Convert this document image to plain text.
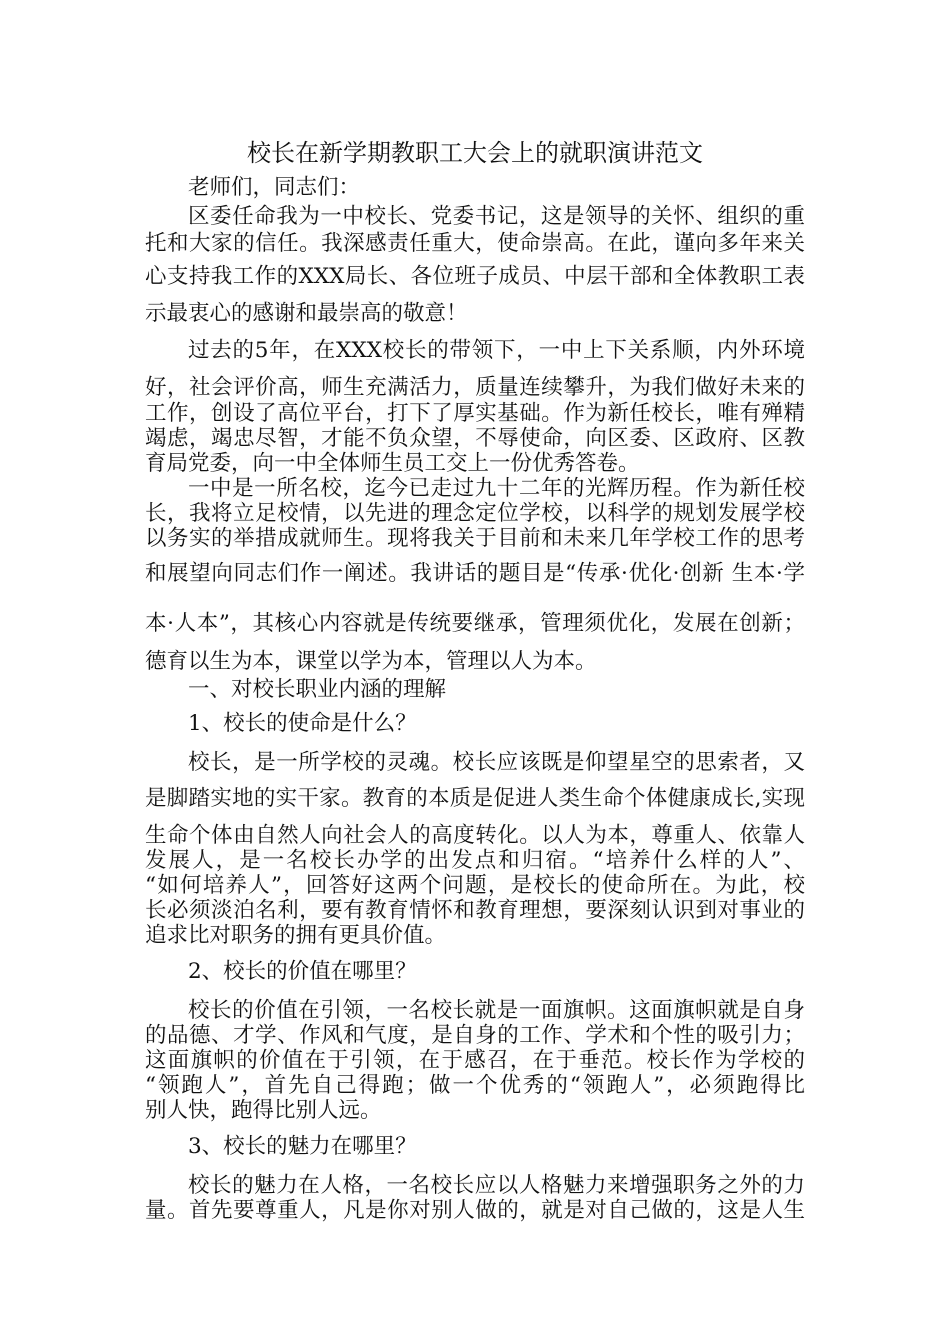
校长在新学期教职工大会上的就职演讲范文
老师们，同志们：
区委任命我为一中校长、党委书记，这是领导的关怀、组织的重
托和大家的信任。我深感责任重大，使命崇高。在此，谨向多年来关
心支持我工作的XXX局长、各位班子成员、中层干部和全体教职工表
示最衷心的感谢和最崇高的敬意！
过去的5年，在XXX校长的带领下，一中上下关系顺，内外环境
好，社会评价高，师生充满活力，质量连续攀升，为我们做好未来的
工作，创设了高位平台，打下了厚实基础。作为新任校长，唯有殚精
竭虑，竭忠尽智，才能不负众望，不辱使命，向区委、区政府、区教
育局党委，向一中全体师生员工交上一份优秀答卷。
一中是一所名校，迄今已走过九十二年的光辉历程。作为新任校
长，我将立足校情，以先进的理念定位学校，以科学的规划发展学校
以务实的举措成就师生。现将我关于目前和未来几年学校工作的思考
和展望向同志们作一阐述。我讲话的题目是“传承·优化·创新 生本·学
本·人本”，其核心内容就是传统要继承，管理须优化，发展在创新；
德育以生为本，课堂以学为本，管理以人为本。
一、对校长职业内涵的理解
1、校长的使命是什么？
校长，是一所学校的灵魂。校长应该既是仰望星空的思索者，又
是脚踏实地的实干家。教育的本质是促进人类生命个体健康成长,实现
生命个体由自然人向社会人的高度转化。以人为本，尊重人、依靠人
发展人，是一名校长办学的出发点和归宿。“培养什么样的人”、
“如何培养人”，回答好这两个问题，是校长的使命所在。为此，校
长必须淡泊名利，要有教育情怀和教育理想，要深刻认识到对事业的
追求比对职务的拥有更具价值。
2、校长的价值在哪里？
校长的价值在引领，一名校长就是一面旗帜。这面旗帜就是自身
的品德、才学、作风和气度，是自身的工作、学术和个性的吸引力；
这面旗帜的价值在于引领，在于感召，在于垂范。校长作为学校的
“领跑人”，首先自己得跑；做一个优秀的“领跑人”，必须跑得比
别人快，跑得比别人远。
3、校长的魅力在哪里？
校长的魅力在人格，一名校长应以人格魅力来增强职务之外的力
量。首先要尊重人，凡是你对别人做的，就是对自己做的，这是人生
